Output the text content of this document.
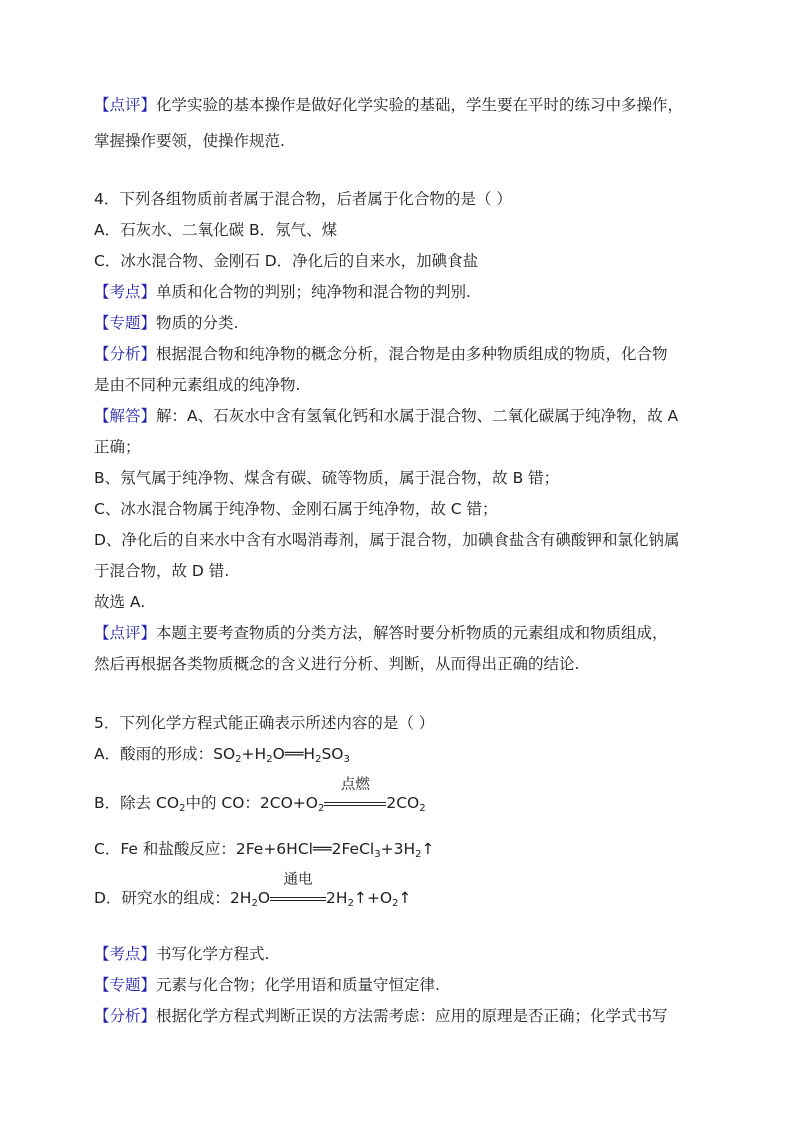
【点评】化学实验的基本操作是做好化学实验的基础，学生要在平时的练习中多操作，
掌握操作要领，使操作规范.
4．下列各组物质前者属于混合物，后者属于化合物的是（ ）
A．石灰水、二氧化碳 B．氖气、煤
C．冰水混合物、金刚石 D．净化后的自来水，加碘食盐
【考点】单质和化合物的判别；纯净物和混合物的判别.
【专题】物质的分类.
【分析】根据混合物和纯净物的概念分析，混合物是由多种物质组成的物质，化合物
是由不同种元素组成的纯净物.
【解答】解：A、石灰水中含有氢氧化钙和水属于混合物、二氧化碳属于纯净物，故 A
正确；
B、氖气属于纯净物、煤含有碳、硫等物质，属于混合物，故 B 错；
C、冰水混合物属于纯净物、金刚石属于纯净物，故 C 错；
D、净化后的自来水中含有水喝消毒剂，属于混合物，加碘食盐含有碘酸钾和氯化钠属
于混合物，故 D 错.
故选 A.
【点评】本题主要考查物质的分类方法，解答时要分析物质的元素组成和物质组成，
然后再根据各类物质概念的含义进行分析、判断，从而得出正确的结论.
5．下列化学方程式能正确表示所述内容的是（ ）
【考点】书写化学方程式.
【专题】元素与化合物；化学用语和质量守恒定律.
【分析】根据化学方程式判断正误的方法需考虑：应用的原理是否正确；化学式书写
A．酸雨的形成：$SO_2+H_2O══H_2SO_3$
B．除去 $CO_2$中的 CO：$2CO+O_2$
点燃
$2CO_2$
C．Fe 和盐酸反应：$2Fe+6HCl══2FeCl_3+3H_2↑$
D．研究水的组成：$2H_2O$
通电
$2H_2↑+O_2↑$
